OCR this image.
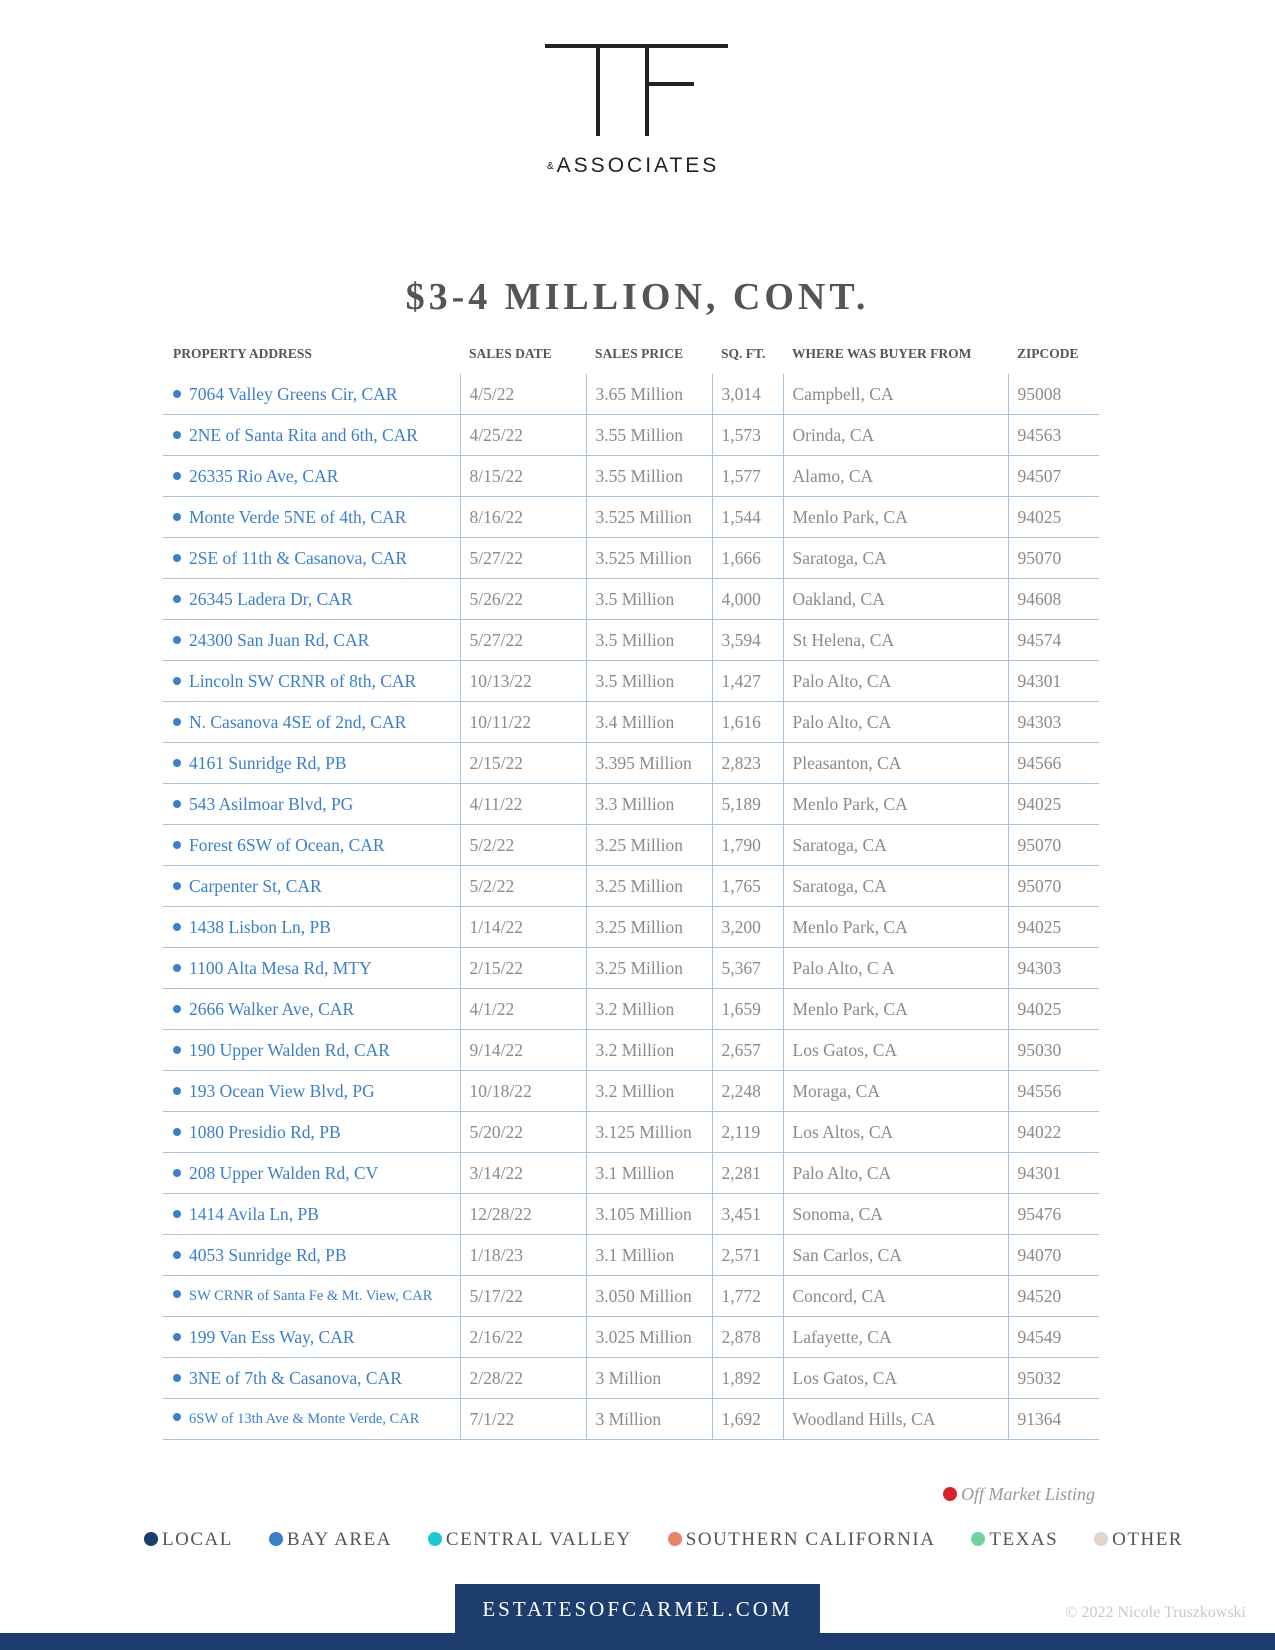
&ASSOCIATES
$3-4 MILLION, CONT.
PROPERTY ADDRESS	SALES DATE	SALES PRICE	SQ. FT.	WHERE WAS BUYER FROM	ZIPCODE
7064 Valley Greens Cir, CAR	4/5/22	3.65 Million	3,014	Campbell, CA	95008
2NE of Santa Rita and 6th, CAR	4/25/22	3.55 Million	1,573	Orinda, CA	94563
26335 Rio Ave, CAR	8/15/22	3.55 Million	1,577	Alamo, CA	94507
Monte Verde 5NE of 4th, CAR	8/16/22	3.525 Million	1,544	Menlo Park, CA	94025
2SE of 11th & Casanova, CAR	5/27/22	3.525 Million	1,666	Saratoga, CA	95070
26345 Ladera Dr, CAR	5/26/22	3.5 Million	4,000	Oakland, CA	94608
24300 San Juan Rd, CAR	5/27/22	3.5 Million	3,594	St Helena, CA	94574
Lincoln SW CRNR of 8th, CAR	10/13/22	3.5 Million	1,427	Palo Alto, CA	94301
N. Casanova 4SE of 2nd, CAR	10/11/22	3.4 Million	1,616	Palo Alto, CA	94303
4161 Sunridge Rd, PB	2/15/22	3.395 Million	2,823	Pleasanton, CA	94566
543 Asilmoar Blvd, PG	4/11/22	3.3 Million	5,189	Menlo Park, CA	94025
Forest 6SW of Ocean, CAR	5/2/22	3.25 Million	1,790	Saratoga, CA	95070
Carpenter St, CAR	5/2/22	3.25 Million	1,765	Saratoga, CA	95070
1438 Lisbon Ln, PB	1/14/22	3.25 Million	3,200	Menlo Park, CA	94025
1100 Alta Mesa Rd, MTY	2/15/22	3.25 Million	5,367	Palo Alto, C A	94303
2666 Walker Ave, CAR	4/1/22	3.2 Million	1,659	Menlo Park, CA	94025
190 Upper Walden Rd, CAR	9/14/22	3.2 Million	2,657	Los Gatos, CA	95030
193 Ocean View Blvd, PG	10/18/22	3.2 Million	2,248	Moraga, CA	94556
1080 Presidio Rd, PB	5/20/22	3.125 Million	2,119	Los Altos, CA	94022
208 Upper Walden Rd, CV	3/14/22	3.1 Million	2,281	Palo Alto, CA	94301
1414 Avila Ln, PB	12/28/22	3.105 Million	3,451	Sonoma, CA	95476
4053 Sunridge Rd, PB	1/18/23	3.1 Million	2,571	San Carlos, CA	94070
SW CRNR of Santa Fe & Mt. View, CAR	5/17/22	3.050 Million	1,772	Concord, CA	94520
199 Van Ess Way, CAR	2/16/22	3.025 Million	2,878	Lafayette, CA	94549
3NE of 7th & Casanova, CAR	2/28/22	3 Million	1,892	Los Gatos, CA	95032
6SW of 13th Ave & Monte Verde, CAR	7/1/22	3 Million	1,692	Woodland Hills, CA	91364
Off Market Listing
LOCAL	BAY AREA	CENTRAL VALLEY	SOUTHERN CALIFORNIA	TEXAS	OTHER
ESTATESOFCARMEL.COM	© 2022 Nicole Truszkowski
